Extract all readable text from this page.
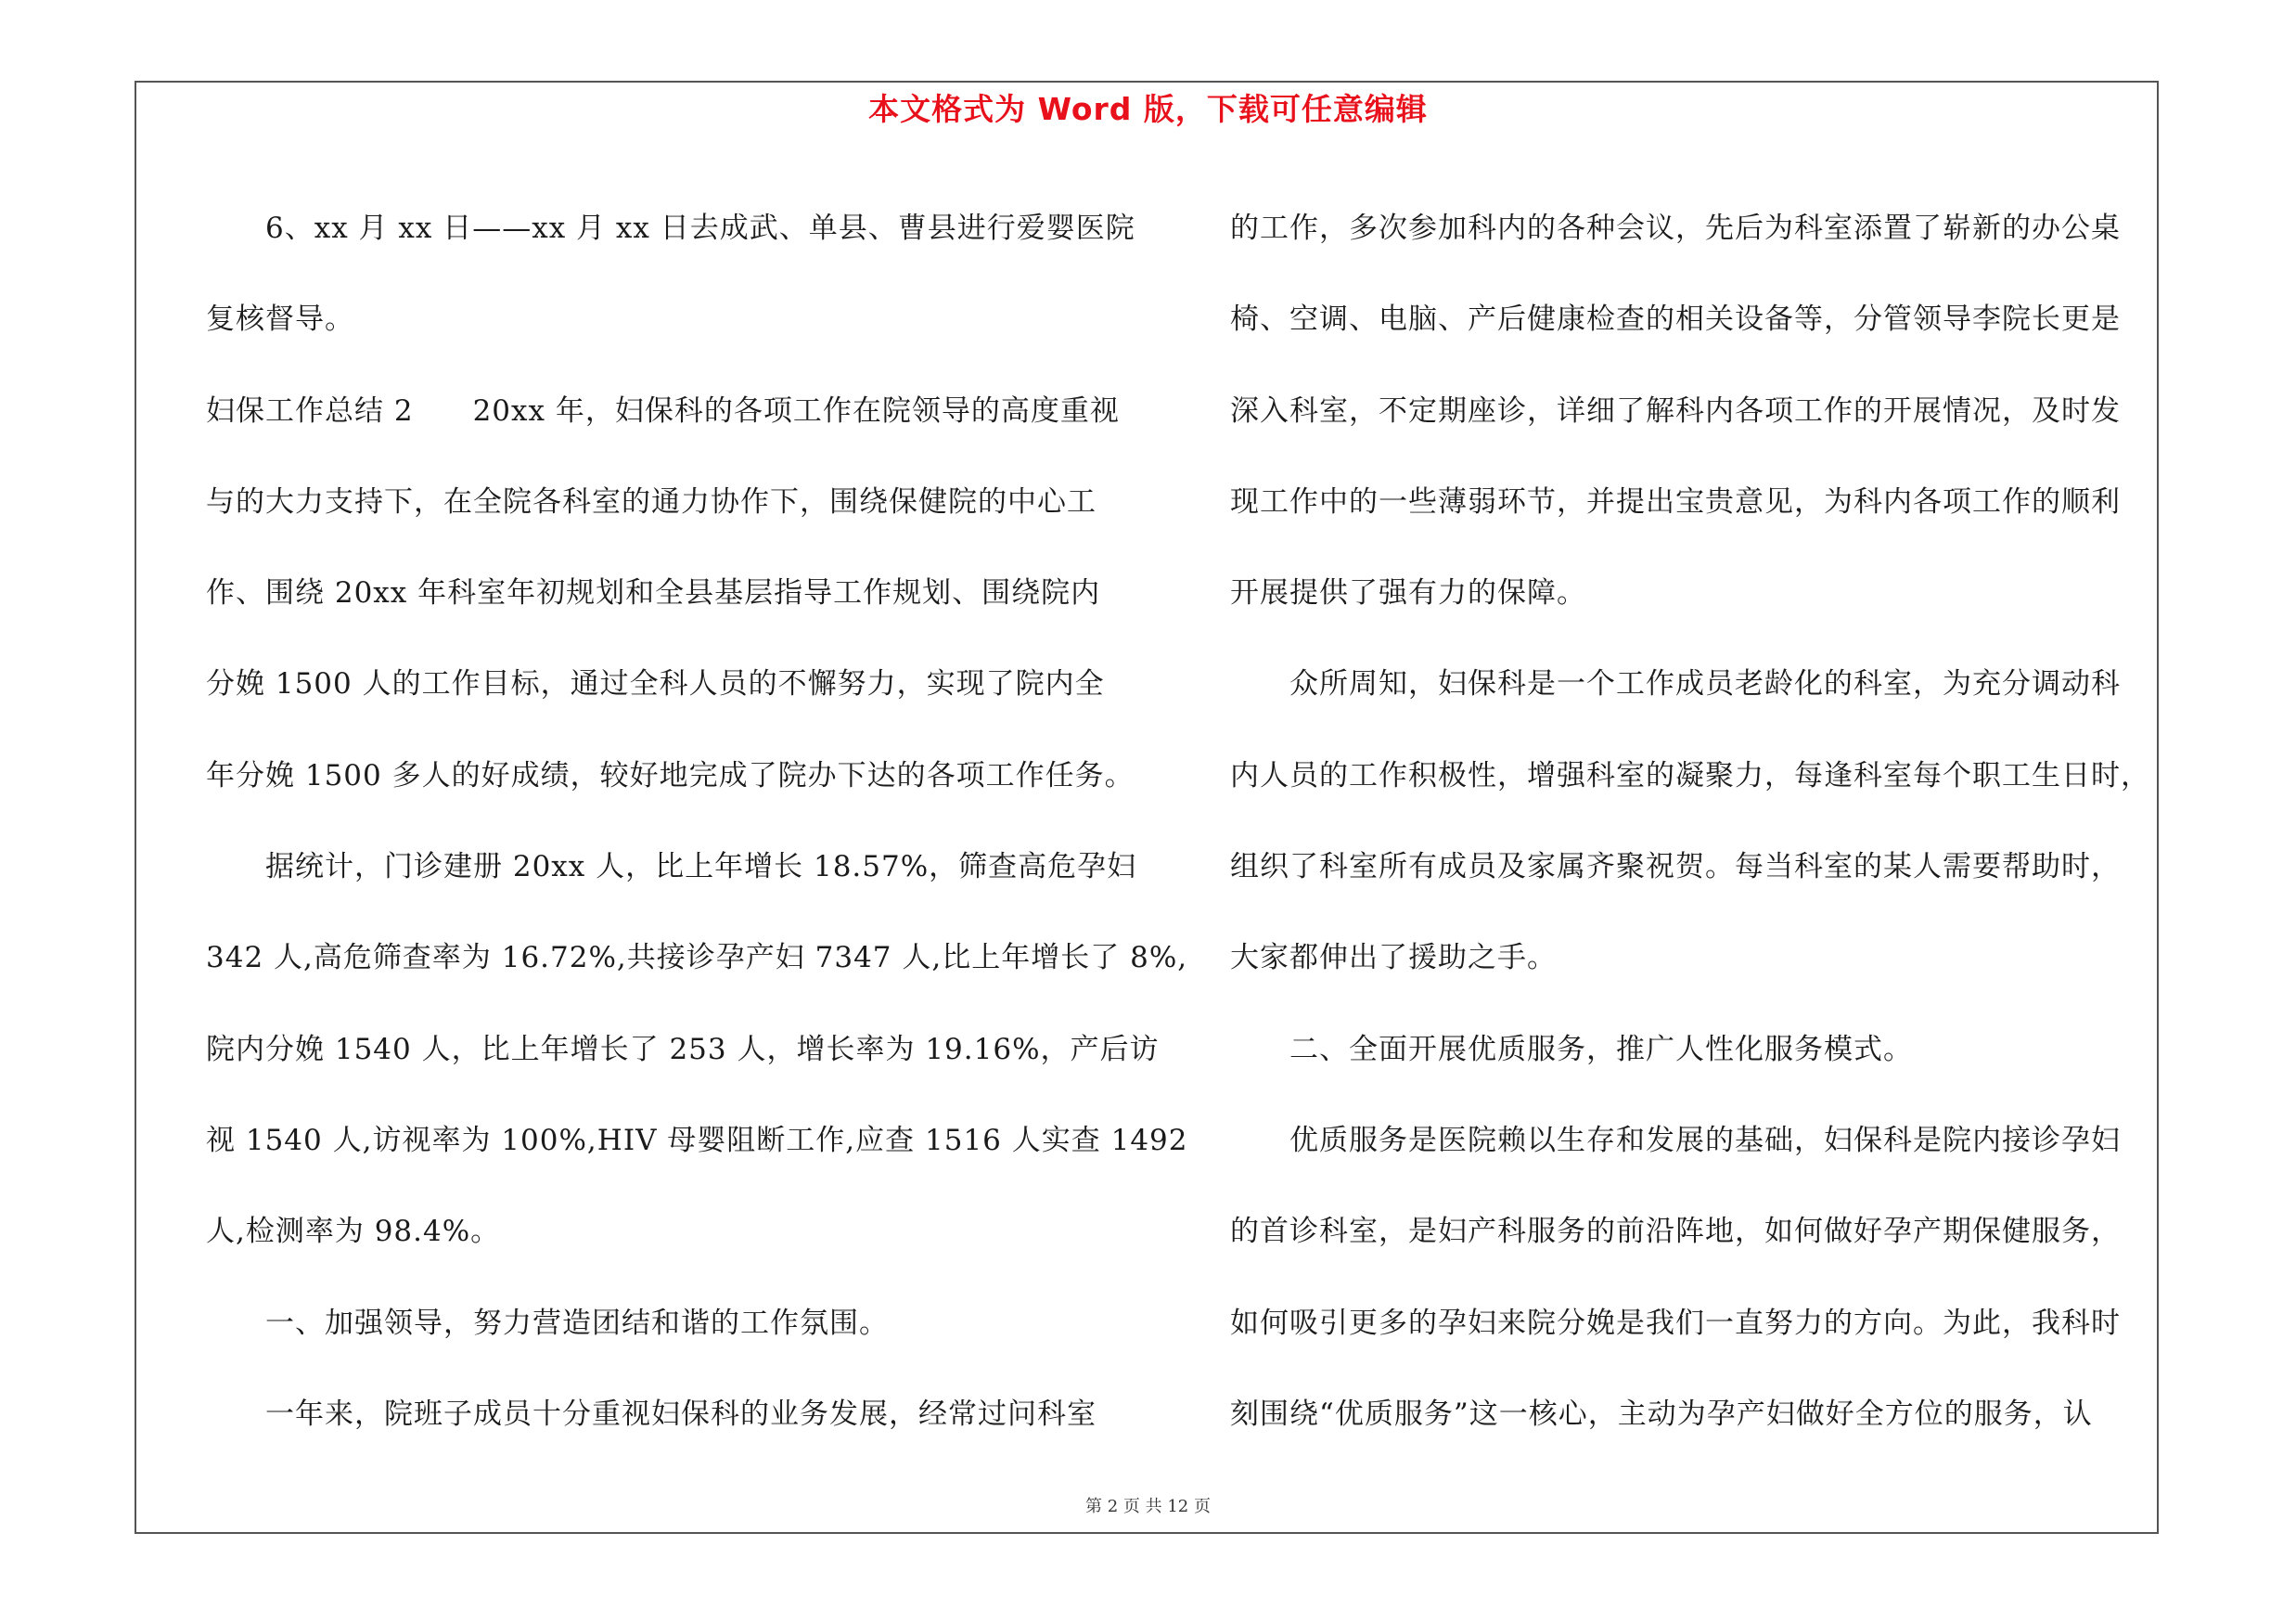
本文格式为 Word 版，下载可任意编辑
6、xx 月 xx 日——xx 月 xx 日去成武、单县、曹县进行爱婴医院
复核督导。
妇保工作总结 2　　20xx 年，妇保科的各项工作在院领导的高度重视
与的大力支持下，在全院各科室的通力协作下，围绕保健院的中心工
作、围绕 20xx 年科室年初规划和全县基层指导工作规划、围绕院内
分娩 1500 人的工作目标，通过全科人员的不懈努力，实现了院内全
年分娩 1500 多人的好成绩，较好地完成了院办下达的各项工作任务。
据统计，门诊建册 20xx 人，比上年增长 18.57%，筛查高危孕妇
342 人,高危筛查率为 16.72%,共接诊孕产妇 7347 人,比上年增长了 8%,
院内分娩 1540 人，比上年增长了 253 人，增长率为 19.16%，产后访
视 1540 人,访视率为 100%,HIV 母婴阻断工作,应查 1516 人实查 1492
人,检测率为 98.4%。
一、加强领导，努力营造团结和谐的工作氛围。
一年来，院班子成员十分重视妇保科的业务发展，经常过问科室
的工作，多次参加科内的各种会议，先后为科室添置了崭新的办公桌
椅、空调、电脑、产后健康检查的相关设备等，分管领导李院长更是
深入科室，不定期座诊，详细了解科内各项工作的开展情况，及时发
现工作中的一些薄弱环节，并提出宝贵意见，为科内各项工作的顺利
开展提供了强有力的保障。
众所周知，妇保科是一个工作成员老龄化的科室，为充分调动科
内人员的工作积极性，增强科室的凝聚力，每逢科室每个职工生日时，
组织了科室所有成员及家属齐聚祝贺。每当科室的某人需要帮助时，
大家都伸出了援助之手。
二、全面开展优质服务，推广人性化服务模式。
优质服务是医院赖以生存和发展的基础，妇保科是院内接诊孕妇
的首诊科室，是妇产科服务的前沿阵地，如何做好孕产期保健服务，
如何吸引更多的孕妇来院分娩是我们一直努力的方向。为此，我科时
刻围绕“优质服务”这一核心，主动为孕产妇做好全方位的服务，认
第 2 页 共 12 页
